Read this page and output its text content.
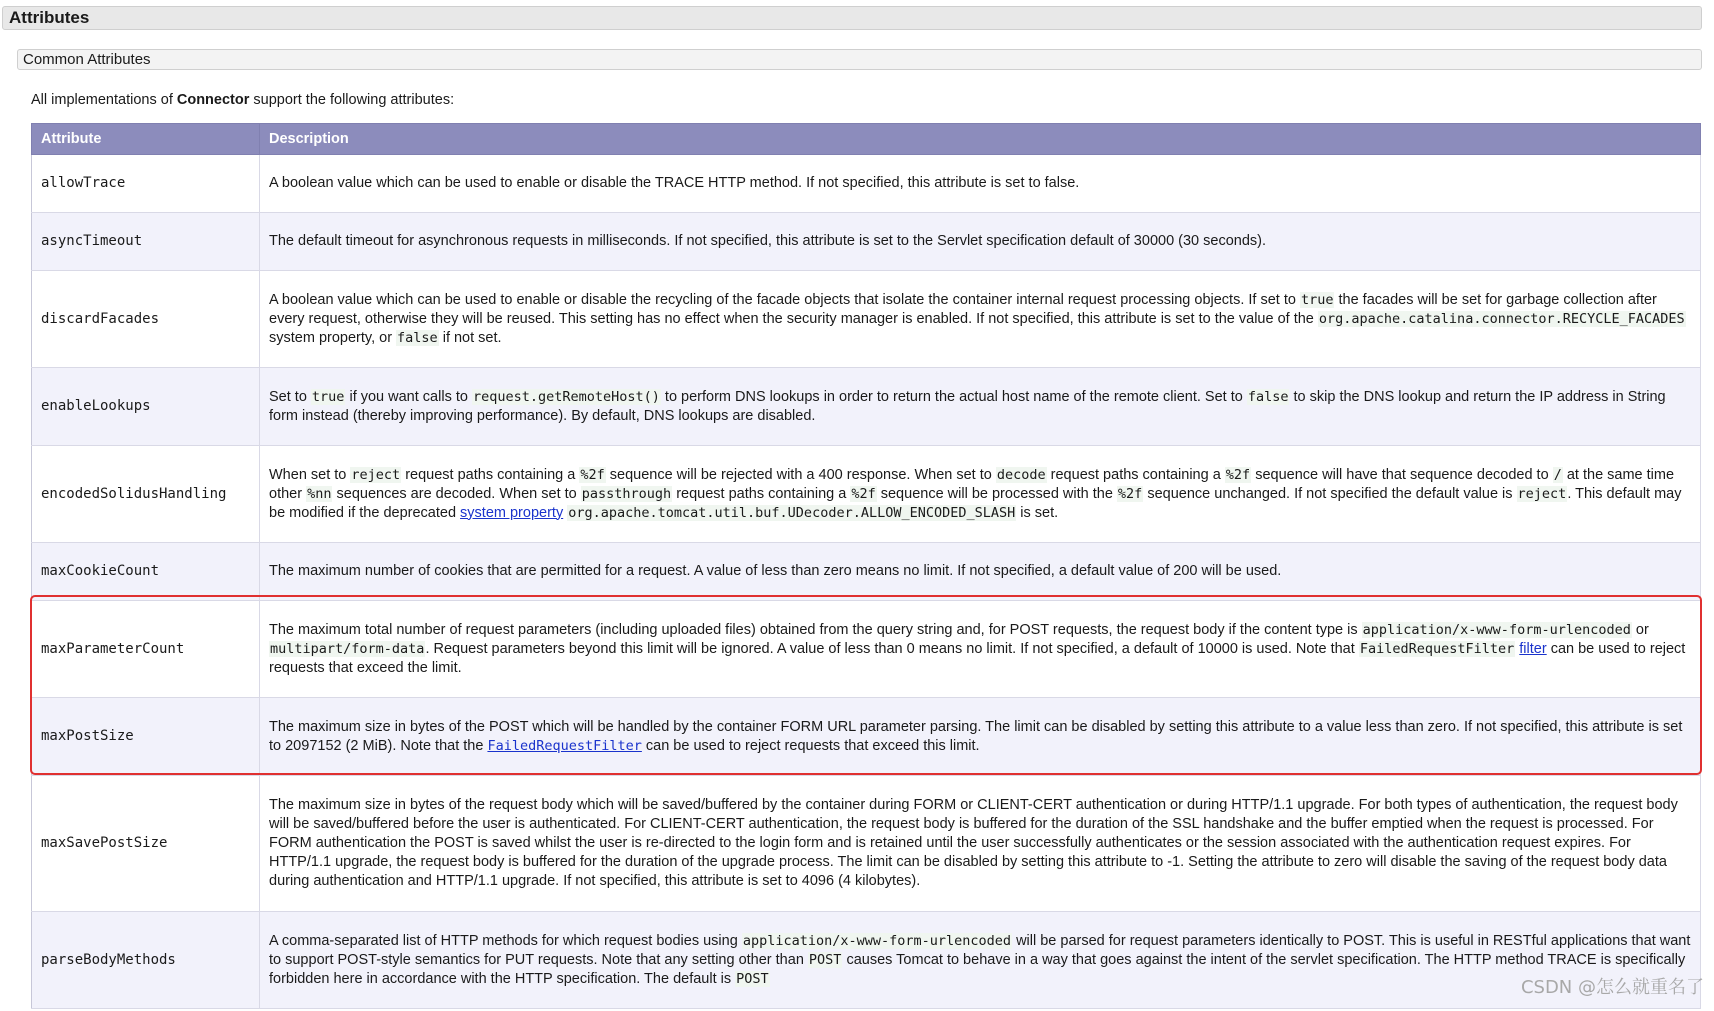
Attributes
Common Attributes
All implementations of Connector support the following attributes:
Attribute	Description
allowTrace	A boolean value which can be used to enable or disable the TRACE HTTP method. If not specified, this attribute is set to false.

asyncTimeout	The default timeout for asynchronous requests in milliseconds. If not specified, this attribute is set to the Servlet specification default of 30000 (30 seconds).

discardFacades	A boolean value which can be used to enable or disable the recycling of the facade objects that isolate the container internal request processing objects. If set to true the facades will be set for garbage collection after every request, otherwise they will be reused. This setting has no effect when the security manager is enabled. If not specified, this attribute is set to the value of the org.apache.catalina.connector.RECYCLE_FACADES system property, or false if not set.

enableLookups	Set to true if you want calls to request.getRemoteHost() to perform DNS lookups in order to return the actual host name of the remote client. Set to false to skip the DNS lookup and return the IP address in String form instead (thereby improving performance). By default, DNS lookups are disabled.

encodedSolidusHandling	When set to reject request paths containing a %2f sequence will be rejected with a 400 response. When set to decode request paths containing a %2f sequence will have that sequence decoded to / at the same time other %nn sequences are decoded. When set to passthrough request paths containing a %2f sequence will be processed with the %2f sequence unchanged. If not specified the default value is reject. This default may be modified if the deprecated system property org.apache.tomcat.util.buf.UDecoder.ALLOW_ENCODED_SLASH is set.

maxCookieCount	The maximum number of cookies that are permitted for a request. A value of less than zero means no limit. If not specified, a default value of 200 will be used.

maxParameterCount	The maximum total number of request parameters (including uploaded files) obtained from the query string and, for POST requests, the request body if the content type is application/x-www-form-urlencoded or multipart/form-data. Request parameters beyond this limit will be ignored. A value of less than 0 means no limit. If not specified, a default of 10000 is used. Note that FailedRequestFilter filter can be used to reject requests that exceed the limit.

maxPostSize	The maximum size in bytes of the POST which will be handled by the container FORM URL parameter parsing. The limit can be disabled by setting this attribute to a value less than zero. If not specified, this attribute is set to 2097152 (2 MiB). Note that the FailedRequestFilter can be used to reject requests that exceed this limit.

maxSavePostSize	The maximum size in bytes of the request body which will be saved/buffered by the container during FORM or CLIENT-CERT authentication or during HTTP/1.1 upgrade. For both types of authentication, the request body will be saved/buffered before the user is authenticated. For CLIENT-CERT authentication, the request body is buffered for the duration of the SSL handshake and the buffer emptied when the request is processed. For FORM authentication the POST is saved whilst the user is re-directed to the login form and is retained until the user successfully authenticates or the session associated with the authentication request expires. For HTTP/1.1 upgrade, the request body is buffered for the duration of the upgrade process. The limit can be disabled by setting this attribute to -1. Setting the attribute to zero will disable the saving of the request body data during authentication and HTTP/1.1 upgrade. If not specified, this attribute is set to 4096 (4 kilobytes).

parseBodyMethods	A comma-separated list of HTTP methods for which request bodies using application/x-www-form-urlencoded will be parsed for request parameters identically to POST. This is useful in RESTful applications that want to support POST-style semantics for PUT requests. Note that any setting other than POST causes Tomcat to behave in a way that goes against the intent of the servlet specification. The HTTP method TRACE is specifically forbidden here in accordance with the HTTP specification. The default is POST	CSDN @怎么就重名了
